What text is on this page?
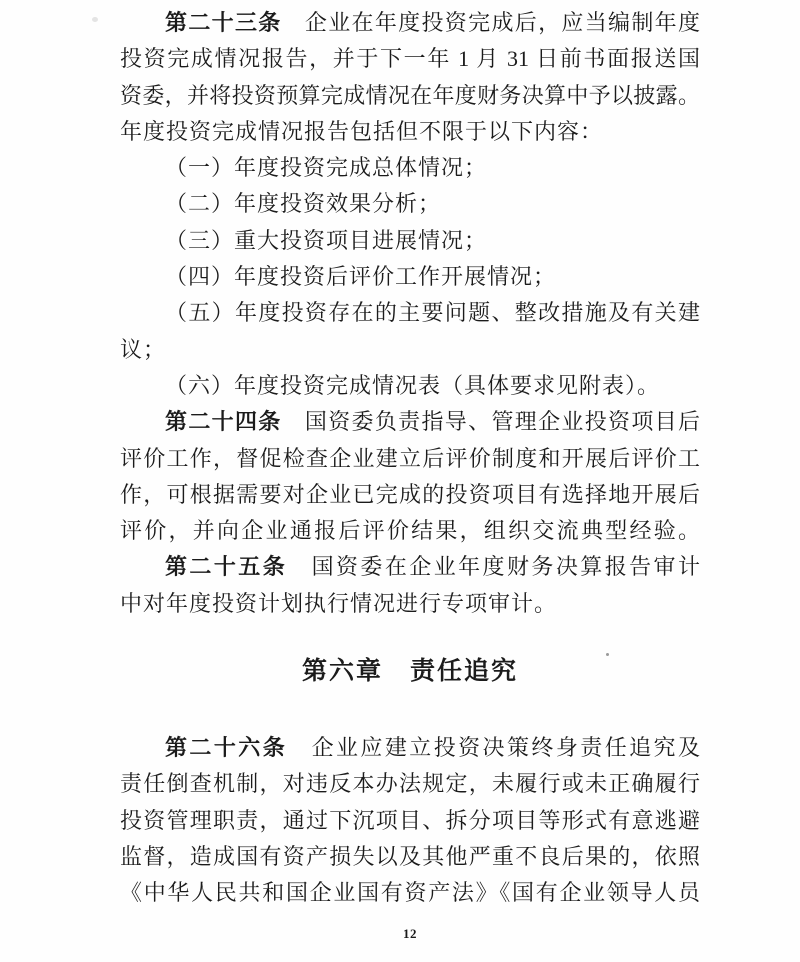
第二十三条　企业在年度投资完成后，应当编制年度
投资完成情况报告，并于下一年 1 月 31 日前书面报送国
资委，并将投资预算完成情况在年度财务决算中予以披露。
年度投资完成情况报告包括但不限于以下内容：
（一）年度投资完成总体情况；
（二）年度投资效果分析；
（三）重大投资项目进展情况；
（四）年度投资后评价工作开展情况；
（五）年度投资存在的主要问题、整改措施及有关建
议；
（六）年度投资完成情况表（具体要求见附表）。
第二十四条　国资委负责指导、管理企业投资项目后
评价工作，督促检查企业建立后评价制度和开展后评价工
作，可根据需要对企业已完成的投资项目有选择地开展后
评价，并向企业通报后评价结果，组织交流典型经验。
第二十五条　国资委在企业年度财务决算报告审计
中对年度投资计划执行情况进行专项审计。
第六章　责任追究
第二十六条　企业应建立投资决策终身责任追究及
责任倒查机制，对违反本办法规定，未履行或未正确履行
投资管理职责，通过下沉项目、拆分项目等形式有意逃避
监督，造成国有资产损失以及其他严重不良后果的，依照
《中华人民共和国企业国有资产法》《国有企业领导人员
12
